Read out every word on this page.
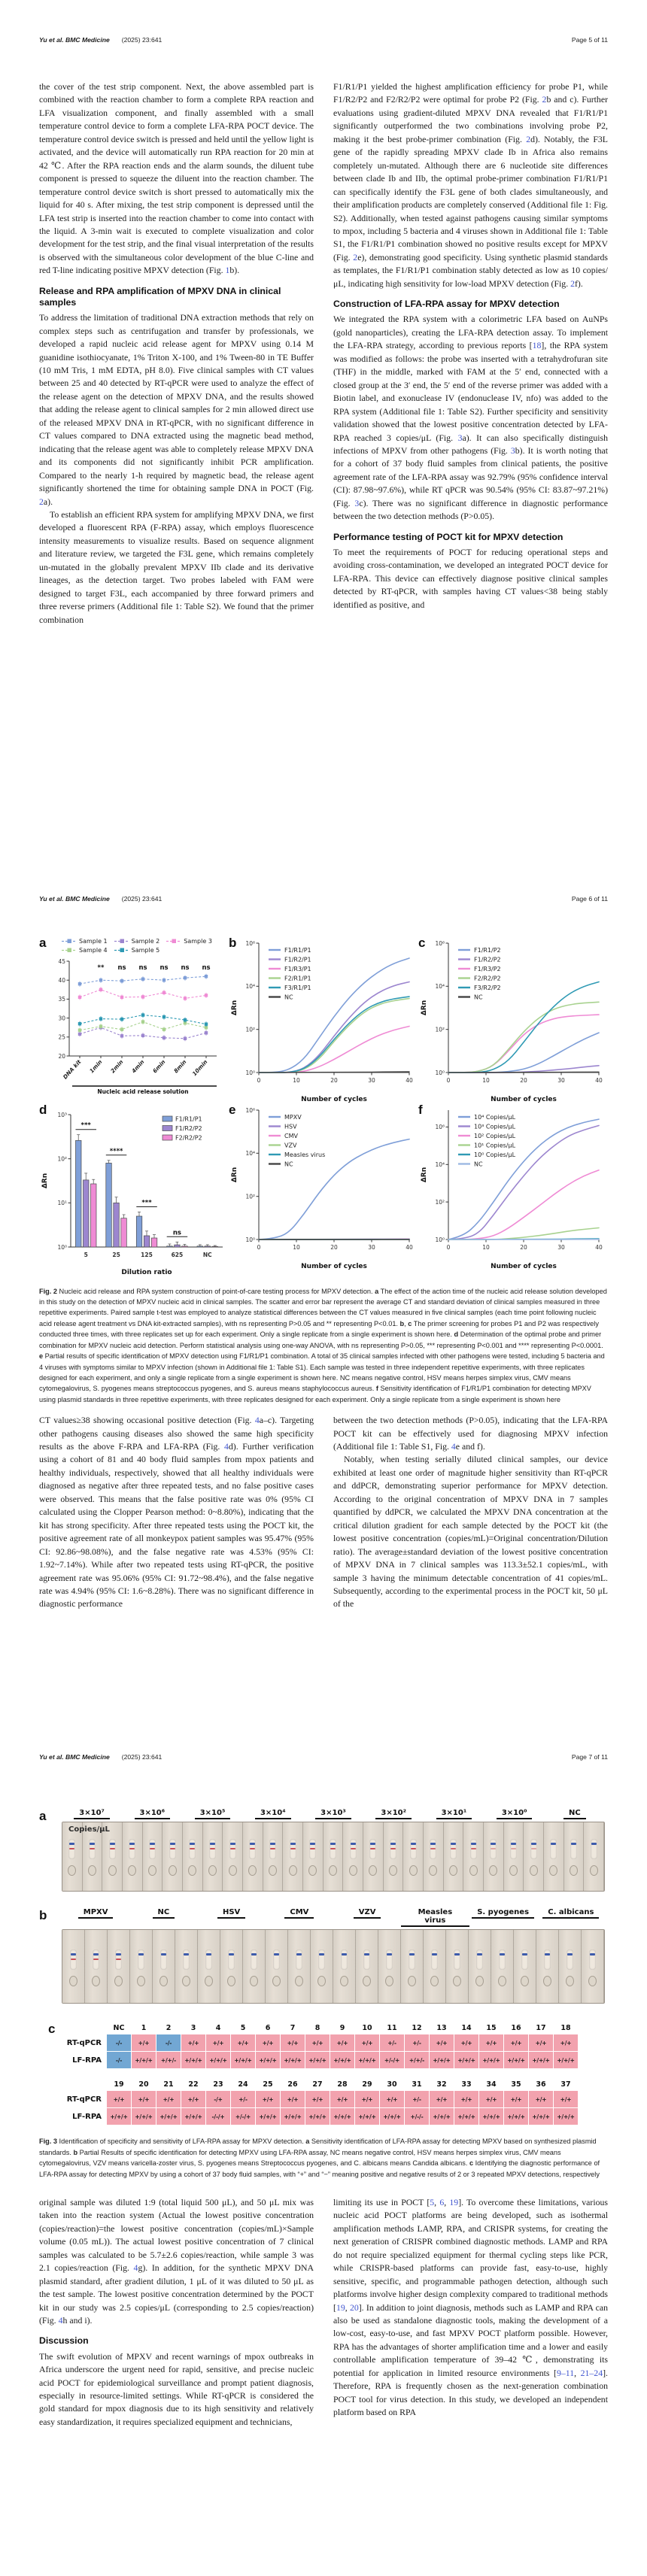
Yu et al. BMC Medicine (2025) 23:641	Page 5 of 11

the cover of the test strip component. Next, the above assembled part is combined with the reaction chamber to form a complete RPA reaction and LFA visualization component, and finally assembled with a small temperature control device to form a complete LFA-RPA POCT device. The temperature control device switch is pressed and held until the yellow light is activated, and the device will automatically run RPA reaction for 20 min at 42 ℃. After the RPA reaction ends and the alarm sounds, the diluent tube component is pressed to squeeze the diluent into the reaction chamber. The temperature control device switch is short pressed to automatically mix the liquid for 40 s. After mixing, the test strip component is depressed until the LFA test strip is inserted into the reaction chamber to come into contact with the liquid. A 3-min wait is executed to complete visualization and color development for the test strip, and the final visual interpretation of the results is observed with the simultaneous color development of the blue C-line and red T-line indicating positive MPXV detection (Fig. 1b).

Release and RPA amplification of MPXV DNA in clinical samples

To address the limitation of traditional DNA extraction methods that rely on complex steps such as centrifugation and transfer by professionals, we developed a rapid nucleic acid release agent for MPXV using 0.14 M guanidine isothiocyanate, 1% Triton X-100, and 1% Tween-80 in TE Buffer (10 mM Tris, 1 mM EDTA, pH 8.0). Five clinical samples with CT values between 25 and 40 detected by RT-qPCR were used to analyze the effect of the release agent on the detection of MPXV DNA, and the results showed that adding the release agent to clinical samples for 2 min allowed direct use of the released MPXV DNA in RT-qPCR, with no significant difference in CT values compared to DNA extracted using the magnetic bead method, indicating that the release agent was able to completely release MPXV DNA and its components did not significantly inhibit PCR amplification. Compared to the nearly 1-h required by magnetic bead, the release agent significantly shortened the time for obtaining sample DNA in POCT (Fig. 2a).

To establish an efficient RPA system for amplifying MPXV DNA, we first developed a fluorescent RPA (F-RPA) assay, which employs fluorescence intensity measurements to visualize results. Based on sequence alignment and literature review, we targeted the F3L gene, which remains completely un-mutated in the globally prevalent MPXV IIb clade and its derivative lineages, as the detection target. Two probes labeled with FAM were designed to target F3L, each accompanied by three forward primers and three reverse primers (Additional file 1: Table S2). We found that the primer combination

F1/R1/P1 yielded the highest amplification efficiency for probe P1, while F1/R2/P2 and F2/R2/P2 were optimal for probe P2 (Fig. 2b and c). Further evaluations using gradient-diluted MPXV DNA revealed that F1/R1/P1 significantly outperformed the two combinations involving probe P2, making it the best probe-primer combination (Fig. 2d). Notably, the F3L gene of the rapidly spreading MPXV clade Ib in Africa also remains completely un-mutated. Although there are 6 nucleotide site differences between clade Ib and IIb, the optimal probe-primer combination F1/R1/P1 can specifically identify the F3L gene of both clades simultaneously, and their amplification products are completely conserved (Additional file 1: Fig. S2). Additionally, when tested against pathogens causing similar symptoms to mpox, including 5 bacteria and 4 viruses shown in Additional file 1: Table S1, the F1/R1/P1 combination showed no positive results except for MPXV (Fig. 2e), demonstrating good specificity. Using synthetic plasmid standards as templates, the F1/R1/P1 combination stably detected as low as 10 copies/μL, indicating high sensitivity for low-load MPXV detection (Fig. 2f).

Construction of LFA-RPA assay for MPXV detection

We integrated the RPA system with a colorimetric LFA based on AuNPs (gold nanoparticles), creating the LFA-RPA detection assay. To implement the LFA-RPA strategy, according to previous reports [18], the RPA system was modified as follows: the probe was inserted with a tetrahydrofuran site (THF) in the middle, marked with FAM at the 5′ end, connected with a closed group at the 3′ end, the 5′ end of the reverse primer was added with a Biotin label, and exonuclease IV (endonuclease IV, nfo) was added to the RPA system (Additional file 1: Table S2). Further specificity and sensitivity validation showed that the lowest positive concentration detected by LFA-RPA reached 3 copies/μL (Fig. 3a). It can also specifically distinguish infections of MPXV from other pathogens (Fig. 3b). It is worth noting that for a cohort of 37 body fluid samples from clinical patients, the positive agreement rate of the LFA-RPA assay was 92.79% (95% confidence interval (CI): 87.98~97.6%), while RT qPCR was 90.54% (95% CI: 83.87~97.21%) (Fig. 3c). There was no significant difference in diagnostic performance between the two detection methods (P>0.05).

Performance testing of POCT kit for MPXV detection

To meet the requirements of POCT for reducing operational steps and avoiding cross-contamination, we developed an integrated POCT device for LFA-RPA. This device can effectively diagnose positive clinical samples detected by RT-qPCR, with samples having CT values<38 being stably identified as positive, and

Yu et al. BMC Medicine (2025) 23:641	Page 6 of 11
a	Sample 1	Sample 2	Sample 3
Sample 4	Sample 5
20
25
30
35
40
45
DNA kit 1min 2min 4min 6min 8min 10min
** ns ns ns ns ns
Nucleic acid release solution
b
10⁰
10²
10⁴
10⁶
0	10	20	30	40
Number of cycles
ΔRn
F1/R1/P1
F1/R2/P1
F1/R3/P1
F2/R1/P1
F3/R1/P1
NC
c
10⁰
10²
10⁴
10⁶
0	10	20	30	40
Number of cycles
ΔRn
F1/R1/P2
F1/R2/P2
F1/R3/P2
F2/R2/P2
F3/R2/P2
NC
d
10⁰
10¹
10²
10³
5	25	125	625	NC
Dilution ratio
ΔRn
***
****
***
ns
F1/R1/P1
F1/R2/P2
F2/R2/P2
e
10⁰
10²
10⁴
10⁶
0	10	20	30	40
Number of cycles
ΔRn
MPXV
HSV
CMV
VZV
Measles virus
NC
f
10⁰
10²
10⁴
10⁶
0	10	20	30	40
Number of cycles
ΔRn
10⁴ Copies/μL
10³ Copies/μL
10² Copies/μL
10¹ Copies/μL
10⁰ Copies/μL
NC

Fig. 2 Nucleic acid release and RPA system construction of point-of-care testing process for MPXV detection. a The effect of the action time of the nucleic acid release solution developed in this study on the detection of MPXV nucleic acid in clinical samples. The scatter and error bar represent the average CT and standard deviation of clinical samples measured in three repetitive experiments. Paired sample t-test was employed to analyze statistical differences between the CT values measured in five clinical samples (each time point following nucleic acid release agent treatment vs DNA kit-extracted samples), with ns representing P>0.05 and ** representing P<0.01. b, c The primer screening for probes P1 and P2 was respectively conducted three times, with three replicates set up for each experiment. Only a single replicate from a single experiment is shown here. d Determination of the optimal probe and primer combination for MPXV nucleic acid detection. Perform statistical analysis using one-way ANOVA, with ns representing P>0.05, *** representing P<0.001 and **** representing P<0.0001. e Partial results of specific identification of MPXV detection using F1/R1/P1 combination. A total of 35 clinical samples infected with other pathogens were tested, including 5 bacteria and 4 viruses with symptoms similar to MPXV infection (shown in Additional file 1: Table S1). Each sample was tested in three independent repetitive experiments, with three replicates designed for each experiment, and only a single replicate from a single experiment is shown here. NC means negative control, HSV means herpes simplex virus, CMV means cytomegalovirus, S. pyogenes means streptococcus pyogenes, and S. aureus means staphylococcus aureus. f Sensitivity identification of F1/R1/P1 combination for detecting MPXV using plasmid standards in three repetitive experiments, with three replicates designed for each experiment. Only a single replicate from a single experiment is shown here

CT values≥38 showing occasional positive detection (Fig. 4a–c). Targeting other pathogens causing diseases also showed the same high specificity results as the above F-RPA and LFA-RPA (Fig. 4d). Further verification using a cohort of 81 and 40 body fluid samples from mpox patients and healthy individuals, respectively, showed that all healthy individuals were diagnosed as negative after three repeated tests, and no false positive cases were observed. This means that the false positive rate was 0% (95% CI calculated using the Clopper Pearson method: 0~8.80%), indicating that the kit has strong specificity. After three repeated tests using the POCT kit, the positive agreement rate of all monkeypox patient samples was 95.47% (95% CI: 92.86~98.08%), and the false negative rate was 4.53% (95% CI: 1.92~7.14%). While after two repeated tests using RT-qPCR, the positive agreement rate was 95.06% (95% CI: 91.72~98.4%), and the false negative rate was 4.94% (95% CI: 1.6~8.28%). There was no significant difference in diagnostic performance

between the two detection methods (P>0.05), indicating that the LFA-RPA POCT kit can be effectively used for diagnosing MPXV infection (Additional file 1: Table S1, Fig. 4e and f).

Notably, when testing serially diluted clinical samples, our device exhibited at least one order of magnitude higher sensitivity than RT-qPCR and ddPCR, demonstrating superior performance for MPXV detection. According to the original concentration of MPXV DNA in 7 samples quantified by ddPCR, we calculated the MPXV DNA concentration at the critical dilution gradient for each sample detected by the POCT kit (the lowest positive concentration (copies/mL)=Original concentration/Dilution ratio). The average±standard deviation of the lowest positive concentration of MPXV DNA in 7 clinical samples was 113.3±52.1 copies/mL, with sample 3 having the minimum detectable concentration of 41 copies/mL. Subsequently, according to the experimental process in the POCT kit, 50 μL of the

Yu et al. BMC Medicine (2025) 23:641	Page 7 of 11
a	3×10⁷	3×10⁶	3×10⁵	3×10⁴	3×10³	3×10²	3×10¹	3×10⁰	NC
Copies/μL
b	MPXV	NC	HSV	CMV	VZV	Measles virus
S. pyogenes	C. albicans
c
		NC	1	2	3	4	5	6	7	8	9	10	11	12	13	14	15	16	17	18
RT-qPCR	-/-	+/+	-/-	+/+	+/+	+/+	+/+	+/+	+/+	+/+	+/+	+/-	+/-	+/+	+/+	+/+	+/+	+/+	+/+
LF-RPA	-/-	+/+/+	+/+/-	+/+/+	+/+/+	+/+/+	+/+/+	+/+/+	+/+/+	+/+/+	+/+/+	+/-/+	+/+/-	+/+/+	+/+/+	+/+/+	+/+/+	+/+/+	+/+/+
	19	20	21	22	23	24	25	26	27	28	29	30	31	32	33	34	35	36	37
RT-qPCR	+/+	+/+	+/+	+/+	-/+	+/-	+/+	+/+	+/+	+/+	+/+	+/+	+/-	+/+	+/+	+/+	+/+	+/+	+/+
LF-RPA	+/+/+	+/+/+	+/+/+	+/+/+	-/-/+	+/-/+	+/+/+	+/+/+	+/+/+	+/+/+	+/+/+	+/+/+	+/-/-	+/+/+	+/+/+	+/+/+	+/+/+	+/+/+	+/+/+

Fig. 3 Identification of specificity and sensitivity of LFA-RPA assay for MPXV detection. a Sensitivity identification of LFA-RPA assay for detecting MPXV based on synthesized plasmid standards. b Partial Results of specific identification for detecting MPXV using LFA-RPA assay, NC means negative control, HSV means herpes simplex virus, CMV means cytomegalovirus, VZV means varicella-zoster virus, S. pyogenes means Streptococcus pyogenes, and C. albicans means Candida albicans. c Identifying the diagnostic performance of LFA-RPA assay for detecting MPXV by using a cohort of 37 body fluid samples, with “+” and “−” meaning positive and negative results of 2 or 3 repeated MPXV detections, respectively

original sample was diluted 1:9 (total liquid 500 μL), and 50 μL mix was taken into the reaction system (Actual the lowest positive concentration (copies/reaction)=the lowest positive concentration (copies/mL)×Sample volume (0.05 mL)). The actual lowest positive concentration of 7 clinical samples was calculated to be 5.7±2.6 copies/reaction, while sample 3 was 2.1 copies/reaction (Fig. 4g). In addition, for the synthetic MPXV DNA plasmid standard, after gradient dilution, 1 μL of it was diluted to 50 μL as the test sample. The lowest positive concentration determined by the POCT kit in our study was 2.5 copies/μL (corresponding to 2.5 copies/reaction) (Fig. 4h and i).

Discussion

The swift evolution of MPXV and recent warnings of mpox outbreaks in Africa underscore the urgent need for rapid, sensitive, and precise nucleic acid POCT for epidemiological surveillance and prompt patient diagnosis, especially in resource-limited settings. While RT-qPCR is considered the gold standard for mpox diagnosis due to its high sensitivity and relatively easy standardization, it requires specialized equipment and technicians,

limiting its use in POCT [5, 6, 19]. To overcome these limitations, various nucleic acid POCT platforms are being developed, such as isothermal amplification methods LAMP, RPA, and CRISPR systems, for creating the next generation of CRISPR combined diagnostic methods. LAMP and RPA do not require specialized equipment for thermal cycling steps like PCR, while CRISPR-based platforms can provide fast, easy-to-use, highly sensitive, specific, and programmable pathogen detection, although such platforms involve higher design complexity compared to traditional methods [19, 20]. In addition to joint diagnosis, methods such as LAMP and RPA can also be used as standalone diagnostic tools, making the development of a low-cost, easy-to-use, and fast MPXV POCT platform possible. However, RPA has the advantages of shorter amplification time and a lower and easily controllable amplification temperature of 39–42 ℃, demonstrating its potential for application in limited resource environments [9–11, 21–24]. Therefore, RPA is frequently chosen as the next-generation combination POCT tool for virus detection. In this study, we developed an independent platform based on RPA
